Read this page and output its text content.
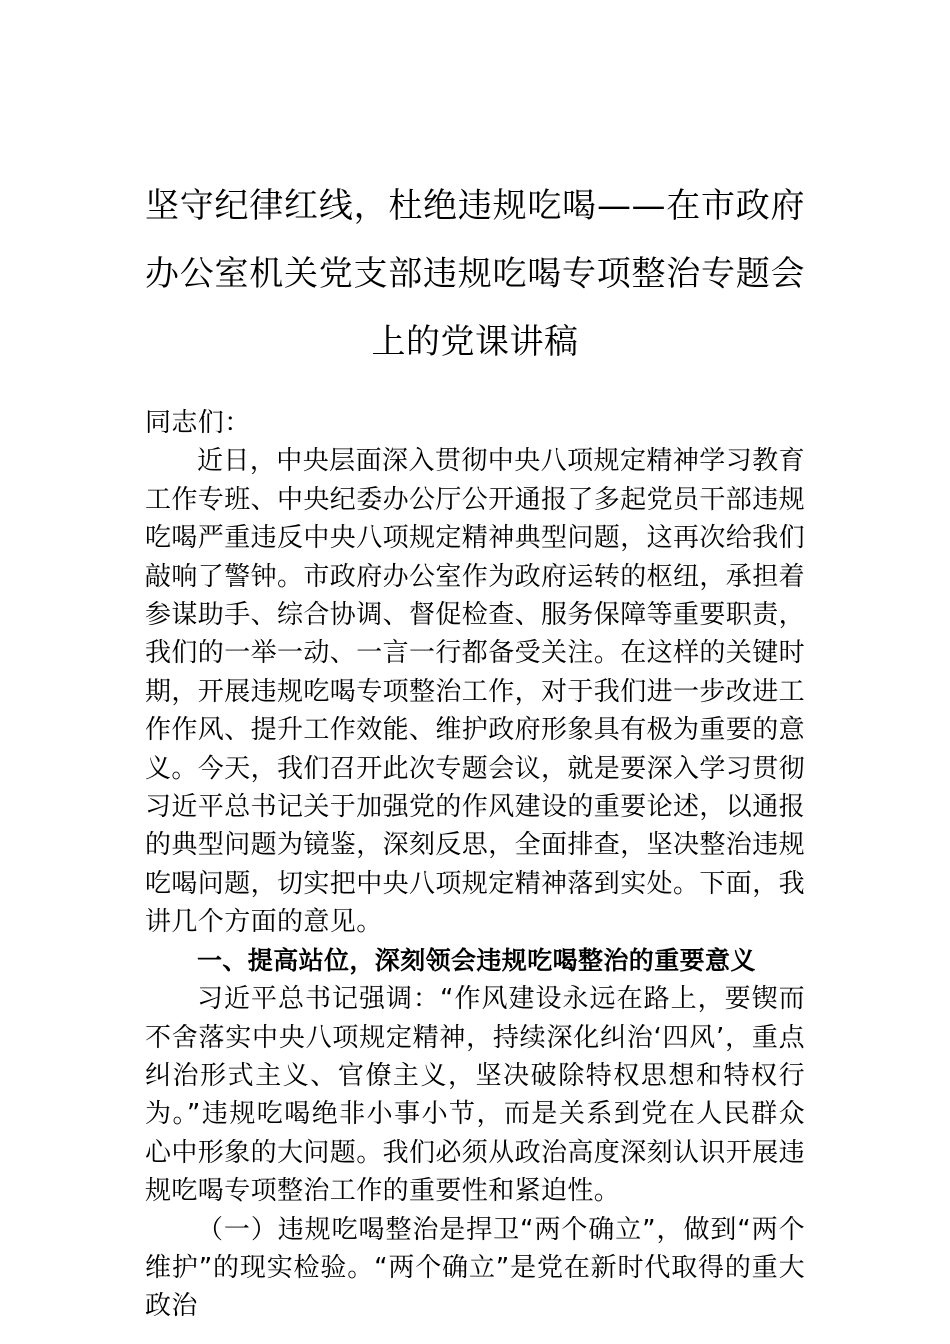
坚守纪律红线，杜绝违规吃喝——在市政府办公室机关党支部违规吃喝专项整治专题会上的党课讲稿

同志们：

近日，中央层面深入贯彻中央八项规定精神学习教育工作专班、中央纪委办公厅公开通报了多起党员干部违规吃喝严重违反中央八项规定精神典型问题，这再次给我们敲响了警钟。市政府办公室作为政府运转的枢纽，承担着参谋助手、综合协调、督促检查、服务保障等重要职责，我们的一举一动、一言一行都备受关注。在这样的关键时期，开展违规吃喝专项整治工作，对于我们进一步改进工作作风、提升工作效能、维护政府形象具有极为重要的意义。今天，我们召开此次专题会议，就是要深入学习贯彻习近平总书记关于加强党的作风建设的重要论述，以通报的典型问题为镜鉴，深刻反思，全面排查，坚决整治违规吃喝问题，切实把中央八项规定精神落到实处。下面，我讲几个方面的意见。

一、提高站位，深刻领会违规吃喝整治的重要意义

习近平总书记强调：“作风建设永远在路上，要锲而不舍落实中央八项规定精神，持续深化纠治‘四风’，重点纠治形式主义、官僚主义，坚决破除特权思想和特权行为。”违规吃喝绝非小事小节，而是关系到党在人民群众心中形象的大问题。我们必须从政治高度深刻认识开展违规吃喝专项整治工作的重要性和紧迫性。

（一）违规吃喝整治是捍卫“两个确立”，做到“两个维护”的现实检验。“两个确立”是党在新时代取得的重大政治
